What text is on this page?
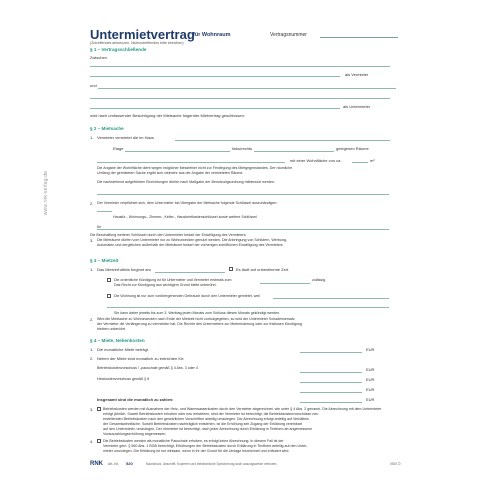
www.rnk-verlag.de
Untermietvertrag
für Wohnraum	Vertragsnummer
(Zutreffendes ankreuzen, Nichtzutreffendes bitte streichen)
§ 1 – Vertragsschließende
Zwischen
als Vermieter
und
als Untermieter
wird nach umfassender Besichtigung der Mietsache folgender Mietvertrag geschlossen:
§ 2 – Mietsache
1. Vermieter vermietet die im Haus
Etage	links/rechts	gelegenen Räume
mit einer Wohnfläche von ca.	m²
Die Angabe der Wohnfläche dient wegen möglicher Messfehler nicht zur Festlegung des Mietgegenstandes. Der räumliche
Umfang der gemieteten Sache ergibt sich vielmehr aus der Angabe der vermieteten Räume.
Die nachstehend aufgeführten Einrichtungen dürfen nach Maßgabe der Benutzungsordnung mitbenutzt werden:
2. Der Vermieter verpflichtet sich, dem Untermieter bei Übergabe der Mietsache folgende Schlüssel auszuhändigen:
Haustür-, Wohnungs-, Zimmer-, Keller-, Hausbriefkastenschlüssel sowie weitere Schlüssel
für
Die Beschaffung weiterer Schlüssel durch den Untermieter bedarf der Einwilligung des Vermieters.
3. Die Mieträume dürfen vom Untermieter nur zu Wohnzwecken genutzt werden. Die Anbringung von Schildern, Werbung,
Automaten und dergleichen außerhalb der Mieträume bedarf der vorherigen schriftlichen Einwilligung des Vermieters.
§ 3 – Mietzeit
1. Das Mietverhältnis beginnt am	Es läuft auf unbestimmte Zeit.
Die ordentliche Kündigung ist für Untermieter und Vermieter erstmals zum	zulässig.
Das Recht zur Kündigung aus wichtigem Grund bleibt unberührt.
Die Wohnung ist nur zum vorübergehenden Gebrauch durch den Untermieter gemietet, weil
Sie kann daher jeweils bis zum 3. Werktag jeden Monats zum Schluss dieses Monats gekündigt werden.
2. Wird die Mietsache zu Wohnzwecken nach Ende der Mietzeit nicht zurückgegeben, so wird der Untermieter Schadensersatz
der Vermieter die Verlängerung zu vermeiden hat. Die Rechte des Untermieters zur Mietminderung oder zur fristlosen Kündigung
bleiben unberührt.
§ 4 – Miete, Nebenkosten
1. Die monatliche Miete beträgt	EUR
2. Neben der Miete sind monatlich zu entrichten für:
Betriebskostenvorschuss / -pauschale gemäß § 4 Abs. 3 oder 4	EUR
Heizkostenvorschuss gemäß § 6	EUR
EUR
Insgesamt sind die monatlich zu zahlen:	EUR
3.	Betriebskosten werden mit Ausnahme der Heiz- und Warmwasserkosten durch den Vermieter abgerechnet, wie unter § 4 Abs. 2 genannt. Die Abrechnung mit dem Untermieter
erfolgt jährlich. Soweit Betriebskosten erhoben oder neu entstehen, sind der Vermieter ist berechtigt, die Betriebskostenvorschüsse neu
erstellenden Betriebskosten nach den gesetzlichen Vorschriften anteilig umzulegen. Die Abrechnung erfolgt anteilig auf Verhältnis
der Gesamtwohnfläche. Soweit Betriebskosten nachträglich entstehen, ist die Erhöhung seit Zugang der Erklärung vereinbart
auf den Untermieter, umzulegen. Der Vermieter ist berechtigt, nach jeder Abrechnung durch Erklärung in Textform ab angemessene
Vorauszahlungserhöhung angemessen.
4.	Die Betriebskosten werden als monatliche Pauschale erhoben, es erfolgt keine Abrechnung. In diesem Fall ist der
Vermieter gem. § 560 Abs. 1 BGB berechtigt, Erhöhungen der Betriebskosten durch Erklärung in Textform anteilig auf den Unter-
mieter umzulegen. Die Erklärung ist nur wirksam, wenn in ihr der Grund für die Umlage bezeichnet und erläutert wird.
RNK Art.-Nr. 520	Nachdruck, Abschrift, Kopieren und elektronische Speicherung auch auszugsweise verboten.	0920 Ö
